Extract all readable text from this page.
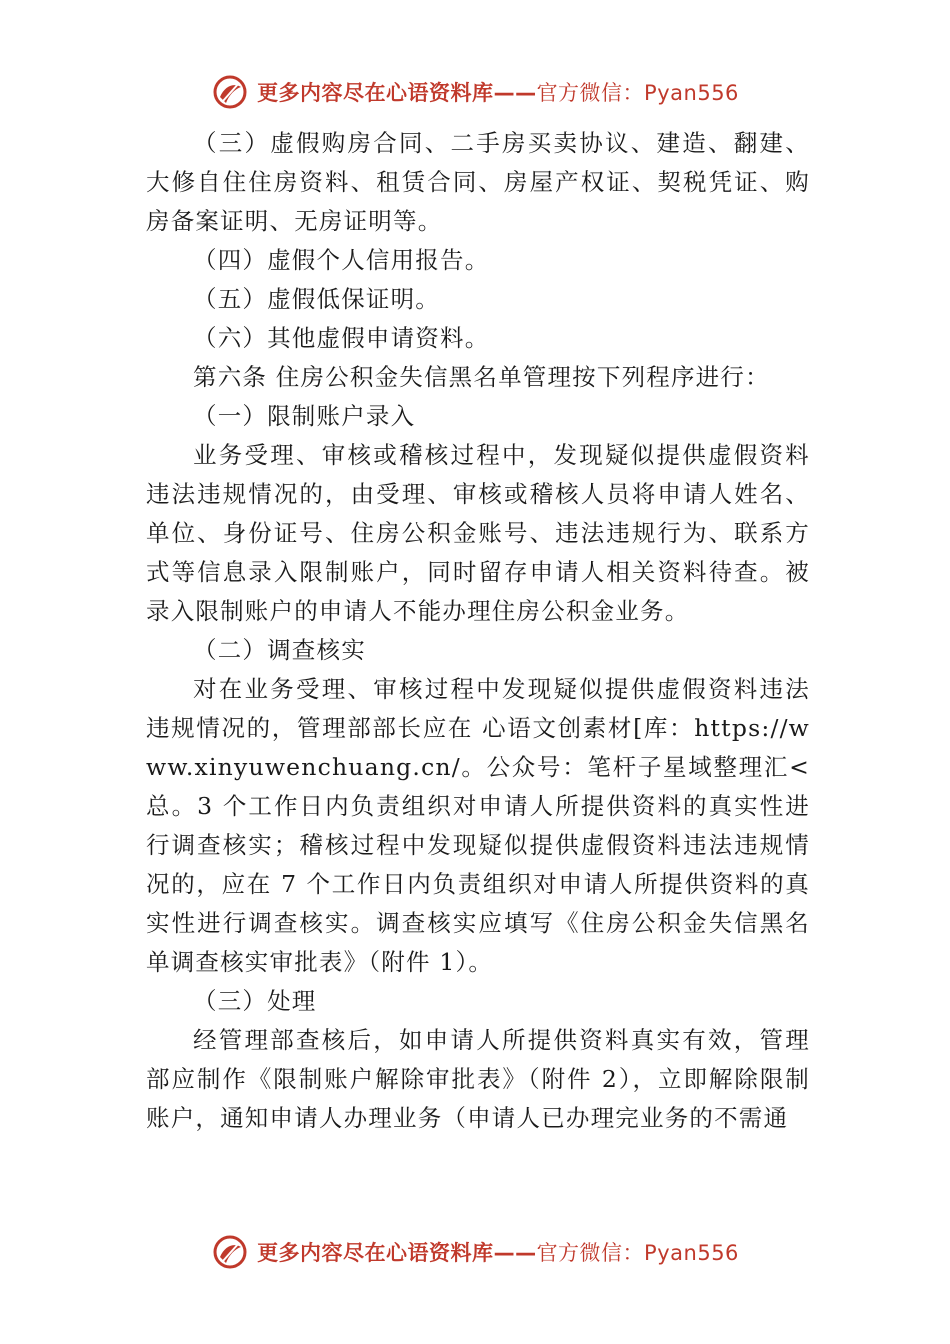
更多内容尽在心语资料库——官方微信：Pyan556

（三）虚假购房合同、二手房买卖协议、建造、翻建、大修自住住房资料、租赁合同、房屋产权证、契税凭证、购房备案证明、无房证明等。

（四）虚假个人信用报告。

（五）虚假低保证明。

（六）其他虚假申请资料。

第六条 住房公积金失信黑名单管理按下列程序进行：

（一）限制账户录入

业务受理、审核或稽核过程中，发现疑似提供虚假资料违法违规情况的，由受理、审核或稽核人员将申请人姓名、 单位、身份证号、住房公积金账号、违法违规行为、联系方式等信息录入限制账户，同时留存申请人相关资料待查。被录入限制账户的申请人不能办理住房公积金业务。

（二）调查核实

对在业务受理、审核过程中发现疑似提供虚假资料违法违规情况的，管理部部长应在 心语文创素材[库：https://www.xinyuwenchuang.cn/。公众号：笔杆子星域整理汇<总。3 个工作日内负责组织对申请人所提供资料的真实性进行调查核实；稽核过程中发现疑似提供虚假资料违法违规情况的，应在 7 个工作日内负责组织对申请人所提供资料的真实性进行调查核实。调查核实应填写《住房公积金失信黑名单调查核实审批表》（附件 1）。

（三）处理

经管理部查核后，如申请人所提供资料真实有效，管理部应制作《限制账户解除审批表》（附件 2），立即解除限制账户，通知申请人办理业务（申请人已办理完业务的不需通

更多内容尽在心语资料库——官方微信：Pyan556
